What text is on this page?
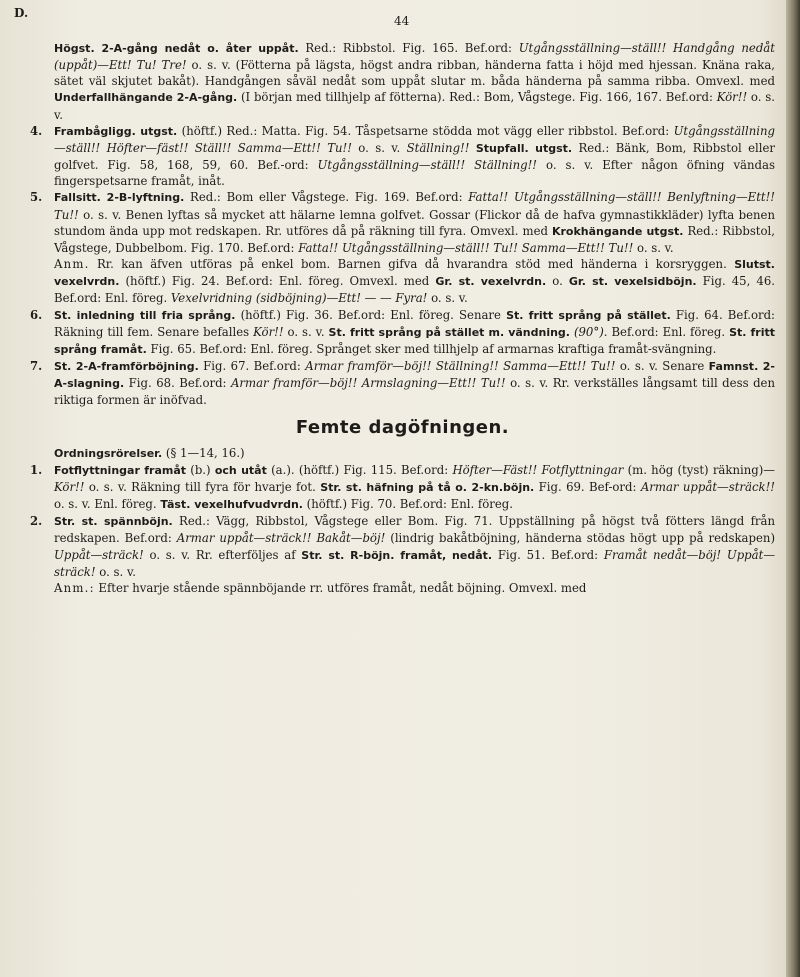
D.
44
Högst. 2-A-gång nedåt o. åter uppåt. Red.: Ribbstol. Fig. 165. Bef.ord: Utgångsställning—ställ!! Handgång nedåt (uppåt)—Ett! Tu! Tre! o. s. v. (Fötterna på lägsta, högst andra ribban, händerna fatta i höjd med hjessan. Knäna raka, sätet väl skjutet bakåt). Handgången såväl nedåt som uppåt slutar m. båda händerna på samma ribba. Omvexl. med Underfallhängande 2-A-gång. (I början med tillhjelp af fötterna). Red.: Bom, Vågstege. Fig. 166, 167. Bef.ord: Kör!! o. s. v.
4. Frambågligg. utgst. (höftf.) Red.: Matta. Fig. 54. Tåspetsarne stödda mot vägg eller ribbstol. Bef.ord: Utgångsställning—ställ!! Höfter—fäst!! Ställ!! Samma—Ett!! Tu!! o. s. v. Ställning!! Stupfall. utgst. Red.: Bänk, Bom, Ribbstol eller golfvet. Fig. 58, 168, 59, 60. Bef.-ord: Utgångsställning—ställ!! Ställning!! o. s. v. Efter någon öfning vändas fingerspetsarne framåt, inåt.
5. Fallsitt. 2-B-lyftning. Red.: Bom eller Vågstege. Fig. 169. Bef.ord: Fatta!! Utgångsställning—ställ!! Benlyftning—Ett!! Tu!! o. s. v. Benen lyftas så mycket att hälarne lemna golfvet. Gossar (Flickor då de hafva gymnastikkläder) lyfta benen stundom ända upp mot redskapen. Rr. utföres då på räkning till fyra. Omvexl. med Krokhängande utgst. Red.: Ribbstol, Vågstege, Dubbelbom. Fig. 170. Bef.ord: Fatta!! Utgångsställning—ställ!! Tu!! Samma—Ett!! Tu!! o. s. v.
Anm. Rr. kan äfven utföras på enkel bom. Barnen gifva då hvarandra stöd med händerna i korsryggen. Slutst. vexelvrdn. (höftf.) Fig. 24. Bef.ord: Enl. föreg. Omvexl. med Gr. st. vexelvrdn. o. Gr. st. vexelsidböjn. Fig. 45, 46. Bef.ord: Enl. föreg. Vexelvridning (sidböjning)—Ett! — — Fyra! o. s. v.
6. St. inledning till fria språng. (höftf.) Fig. 36. Bef.ord: Enl. föreg. Senare St. fritt språng på stället. Fig. 64. Bef.ord: Räkning till fem. Senare befalles Kör!! o. s. v. St. fritt språng på stället m. vändning. (90°). Bef.ord: Enl. föreg. St. fritt språng framåt. Fig. 65. Bef.ord: Enl. föreg. Språnget sker med tillhjelp af armarnas kraftiga framåt-svängning.
7. St. 2-A-framförböjning. Fig. 67. Bef.ord: Armar framför—böj!! Ställning!! Samma—Ett!! Tu!! o. s. v. Senare Famnst. 2-A-slagning. Fig. 68. Bef.ord: Armar framför—böj!! Armslagning—Ett!! Tu!! o. s. v. Rr. verkställes långsamt till dess den riktiga formen är inöfvad.
Femte dagöfningen.
Ordningsrörelser. (§ 1—14, 16.)
1. Fotflyttningar framåt (b.) och utåt (a.). (höftf.) Fig. 115. Bef.ord: Höfter—Fäst!! Fotflyttningar (m. hög (tyst) räkning)—Kör!! o. s. v. Räkning till fyra för hvarje fot. Str. st. häfning på tå o. 2-kn.böjn. Fig. 69. Bef-ord: Armar uppåt—sträck!! o. s. v. Enl. föreg. Täst. vexelhufvudvrdn. (höftf.) Fig. 70. Bef.ord: Enl. föreg.
2. Str. st. spännböjn. Red.: Vägg, Ribbstol, Vågstege eller Bom. Fig. 71. Uppställning på högst två fötters längd från redskapen. Bef.ord: Armar uppåt—sträck!! Bakåt—böj! (lindrig bakåtböjning, händerna stödas högt upp på redskapen) Uppåt—sträck! o. s. v. Rr. efterföljes af Str. st. R-böjn. framåt, nedåt. Fig. 51. Bef.ord: Framåt nedåt—böj! Uppåt—sträck! o. s. v.
Anm.: Efter hvarje stående spännböjande rr. utföres framåt, nedåt böjning. Omvexl. med
